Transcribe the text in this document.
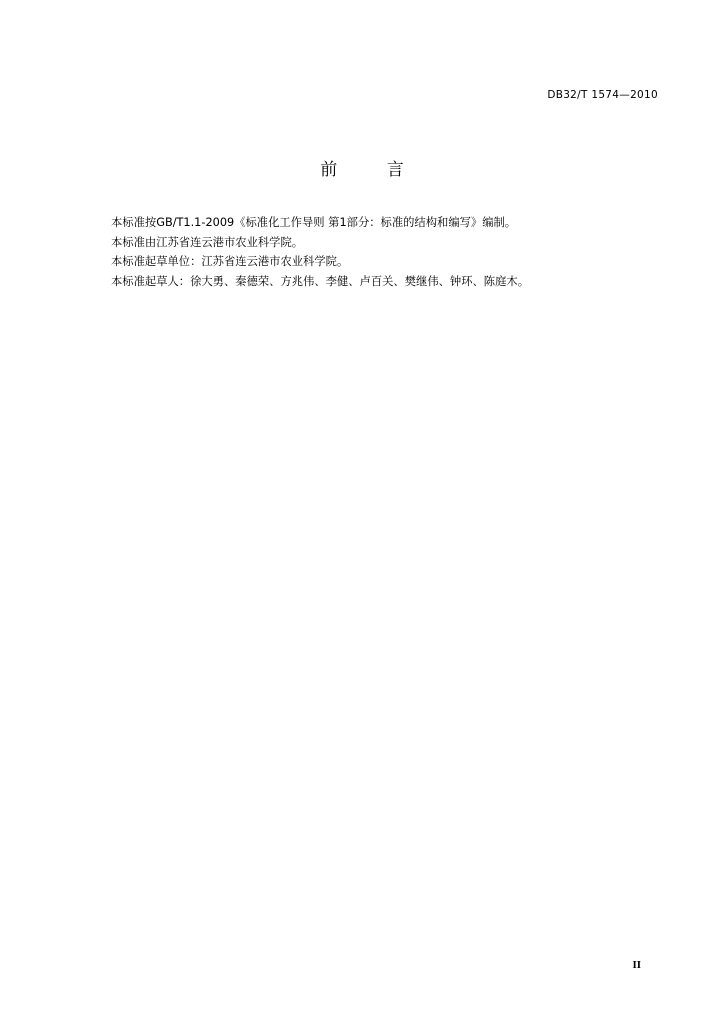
DB32/T 1574—2010
前 言

本标准按GB/T1.1-2009《标准化工作导则 第1部分：标准的结构和编写》编制。

本标准由江苏省连云港市农业科学院。

本标准起草单位：江苏省连云港市农业科学院。

本标准起草人：徐大勇、秦德荣、方兆伟、李健、卢百关、樊继伟、钟环、陈庭木。

II
